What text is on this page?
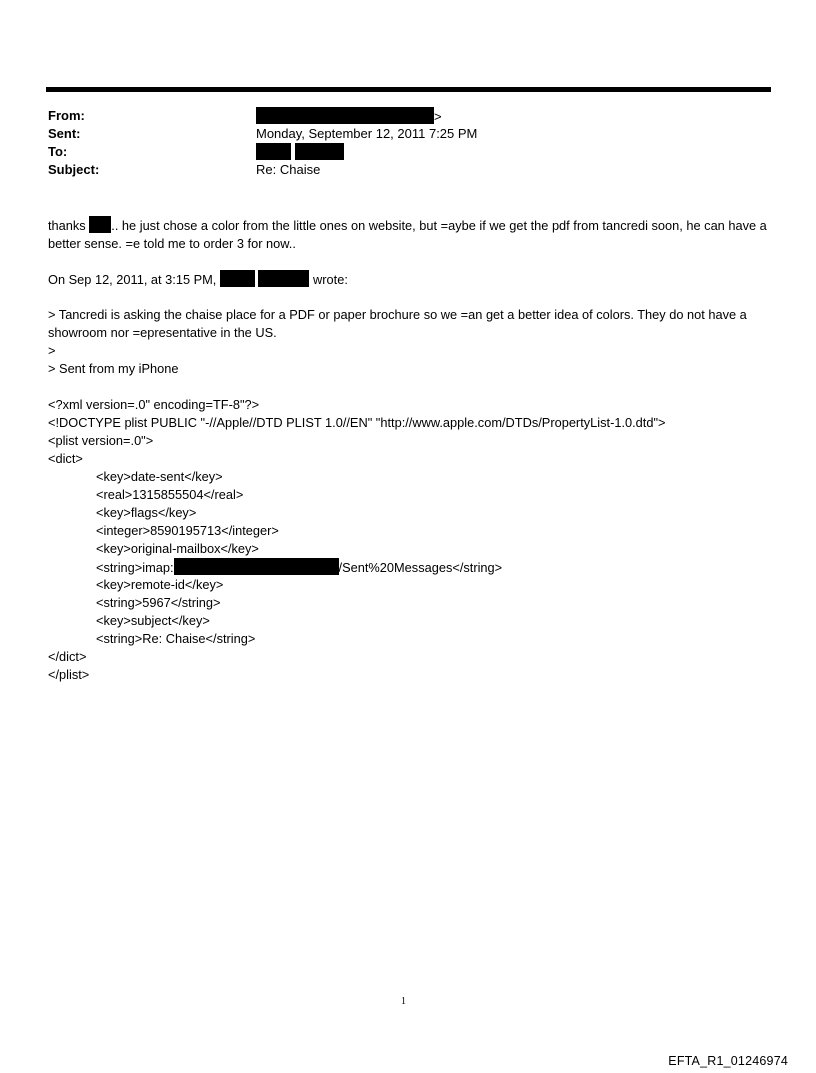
From:	>
Sent:	Monday, September 12, 2011 7:25 PM
To:

Subject:	Re: Chaise
thanks .. he just chose a color from the little ones on website, but =aybe if we get the pdf from tancredi soon, he can have a better sense. =e told me to order 3 for now..
On Sep 12, 2011, at 3:15 PM,	wrote:
> Tancredi is asking the chaise place for a PDF or paper brochure so we =an get a better idea of colors. They do not have a showroom nor =epresentative in the US.
>
> Sent from my iPhone
<?xml version=.0" encoding=TF-8"?>
<!DOCTYPE plist PUBLIC "-//Apple//DTD PLIST 1.0//EN" "http://www.apple.com/DTDs/PropertyList-1.0.dtd">
<plist version=.0">
<dict>
<key>date-sent</key>
<real>1315855504</real>
<key>flags</key>
<integer>8590195713</integer>
<key>original-mailbox</key>
<string>imap:	/Sent%20Messages</string>
<key>remote-id</key>
<string>5967</string>
<key>subject</key>
<string>Re: Chaise</string>
</dict>
</plist>
1
EFTA_R1_01246974
